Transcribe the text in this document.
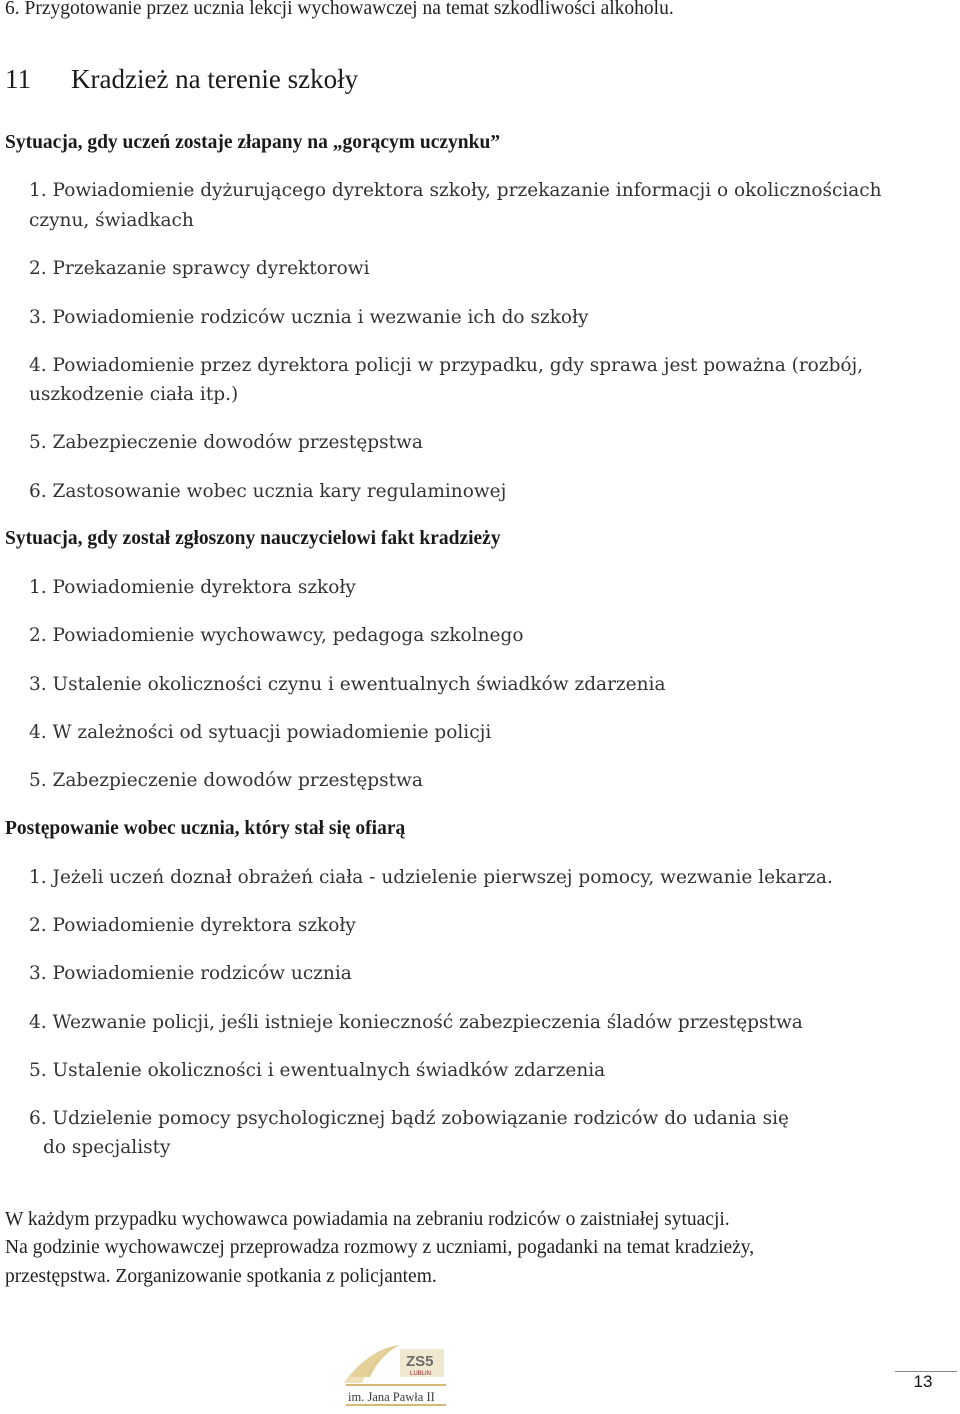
6. Przygotowanie przez ucznia lekcji wychowawczej na temat szkodliwości alkoholu.
11 Kradzież na terenie szkoły
Sytuacja, gdy uczeń zostaje złapany na „gorącym uczynku”
1. Powiadomienie dyżurującego dyrektora szkoły, przekazanie informacji o okolicznościach
czynu, świadkach
2. Przekazanie sprawcy dyrektorowi
3. Powiadomienie rodziców ucznia i wezwanie ich do szkoły
4. Powiadomienie przez dyrektora policji w przypadku, gdy sprawa jest poważna (rozbój,
uszkodzenie ciała itp.)
5. Zabezpieczenie dowodów przestępstwa
6. Zastosowanie wobec ucznia kary regulaminowej
Sytuacja, gdy został zgłoszony nauczycielowi fakt kradzieży
1. Powiadomienie dyrektora szkoły
2. Powiadomienie wychowawcy, pedagoga szkolnego
3. Ustalenie okoliczności czynu i ewentualnych świadków zdarzenia
4. W zależności od sytuacji powiadomienie policji
5. Zabezpieczenie dowodów przestępstwa
Postępowanie wobec ucznia, który stał się ofiarą
1. Jeżeli uczeń doznał obrażeń ciała - udzielenie pierwszej pomocy, wezwanie lekarza.
2. Powiadomienie dyrektora szkoły
3. Powiadomienie rodziców ucznia
4. Wezwanie policji, jeśli istnieje konieczność zabezpieczenia śladów przestępstwa
5. Ustalenie okoliczności i ewentualnych świadków zdarzenia
6. Udzielenie pomocy psychologicznej bądź zobowiązanie rodziców do udania się
do specjalisty
W każdym przypadku wychowawca powiadamia na zebraniu rodziców o zaistniałej sytuacji.
Na godzinie wychowawczej przeprowadza rozmowy z uczniami, pogadanki na temat kradzieży,
przestępstwa. Zorganizowanie spotkania z policjantem.
ZS5
LUBLIN
im. Jana Pawła II
13
